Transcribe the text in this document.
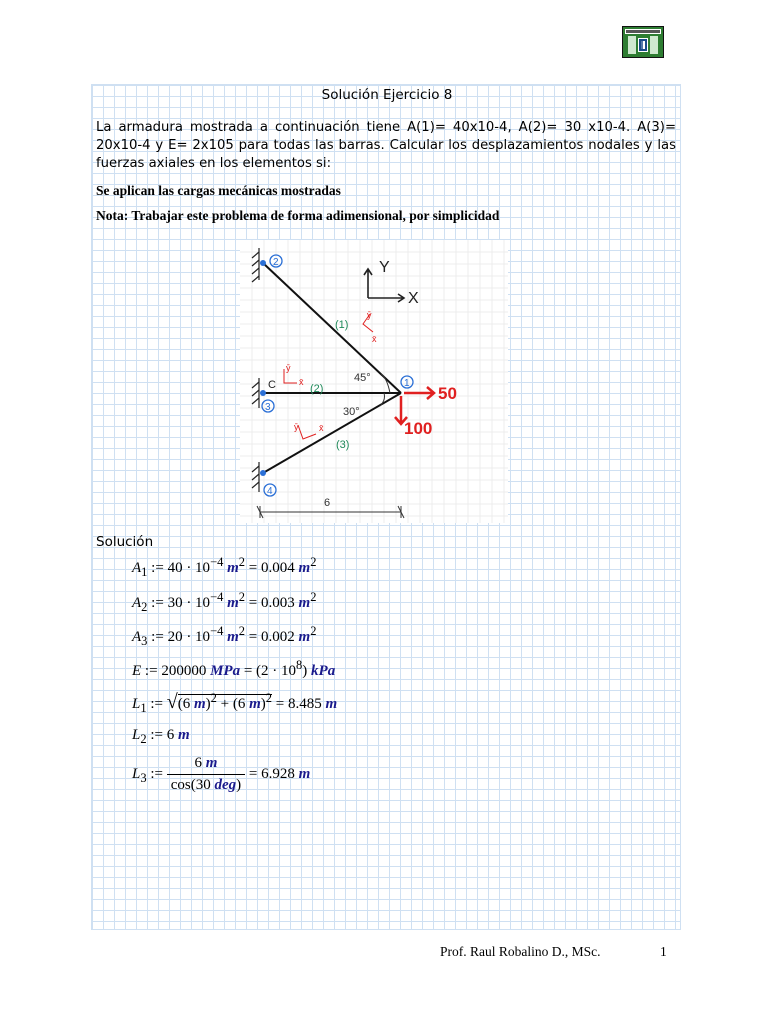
Solución Ejercicio 8
La armadura mostrada a continuación tiene A(1)= 40x10-4, A(2)= 30 x10-4. A(3)= 20x10-4 y E= 2x105 para todas las barras. Calcular los desplazamientos nodales y las fuerzas axiales en los elementos si:
Se aplican las cargas mecánicas mostradas
Nota: Trabajar este problema de forma adimensional, por simplicidad
2
3
4
1
C
Y
X
(1)
(2)
(3)
ȳ
x̄
ȳ
x̄
ȳ x̄
45°
30°
50
100
6
Solución
$A_1$ := $40 \cdot 10^{-4}$ $m^2 = 0.004$ $m^2$
$A_2$ := $30 \cdot 10^{-4}$ $m^2 = 0.003$ $m^2$
$A_3$ := $20 \cdot 10^{-4}$ $m^2 = 0.002$ $m^2$
E := 200000 MPa = $(2 \cdot 10^8)$ kPa
$L_1$ := √(6 m)$^2$ + (6 m)$^2$ = 8.485 m
$L_2$ := 6 m
$L_3$ := $\frac{6 m}{\text{cos(30 deg)}} = 6.928$ m
Prof. Raul Robalino D., MSc.	1
